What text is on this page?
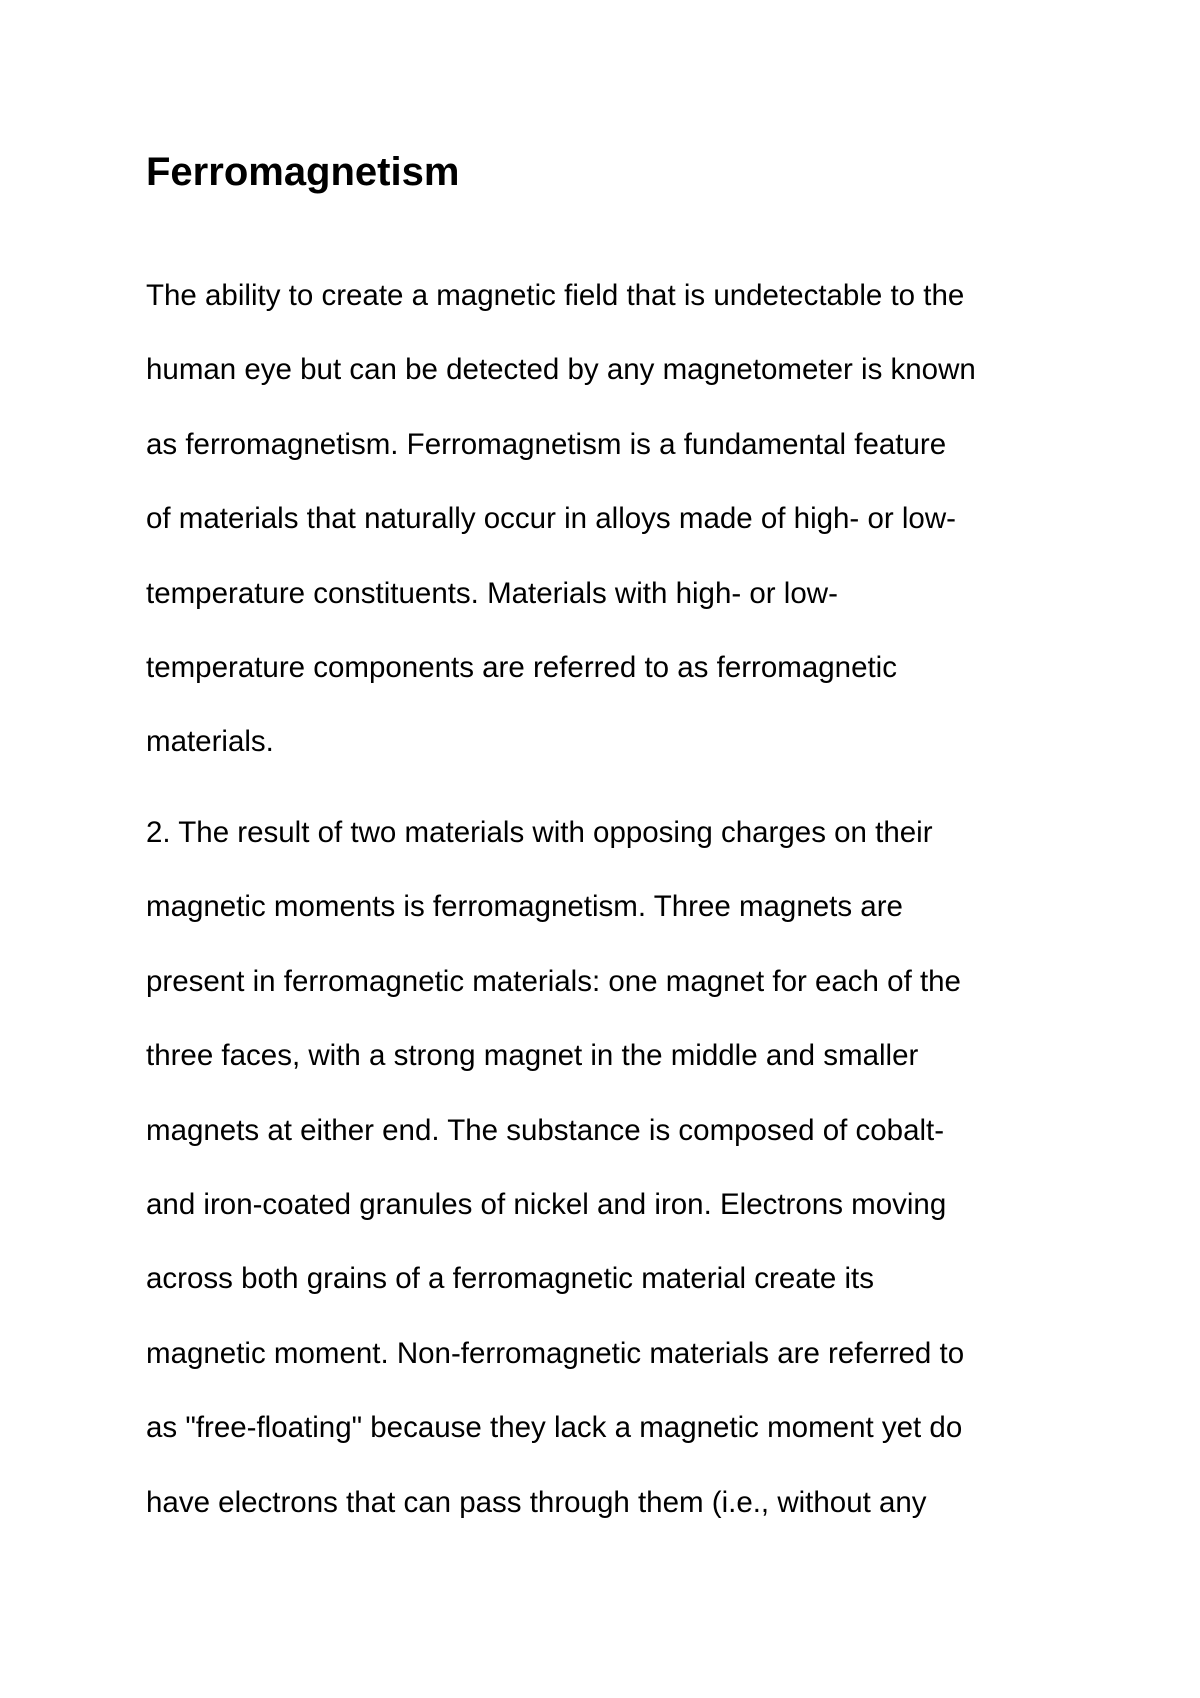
Ferromagnetism
The ability to create a magnetic field that is undetectable to the
human eye but can be detected by any magnetometer is known
as ferromagnetism. Ferromagnetism is a fundamental feature
of materials that naturally occur in alloys made of high- or low-
temperature constituents. Materials with high- or low-
temperature components are referred to as ferromagnetic
materials.
2. The result of two materials with opposing charges on their
magnetic moments is ferromagnetism. Three magnets are
present in ferromagnetic materials: one magnet for each of the
three faces, with a strong magnet in the middle and smaller
magnets at either end. The substance is composed of cobalt-
and iron-coated granules of nickel and iron. Electrons moving
across both grains of a ferromagnetic material create its
magnetic moment. Non-ferromagnetic materials are referred to
as "free-floating" because they lack a magnetic moment yet do
have electrons that can pass through them (i.e., without any
